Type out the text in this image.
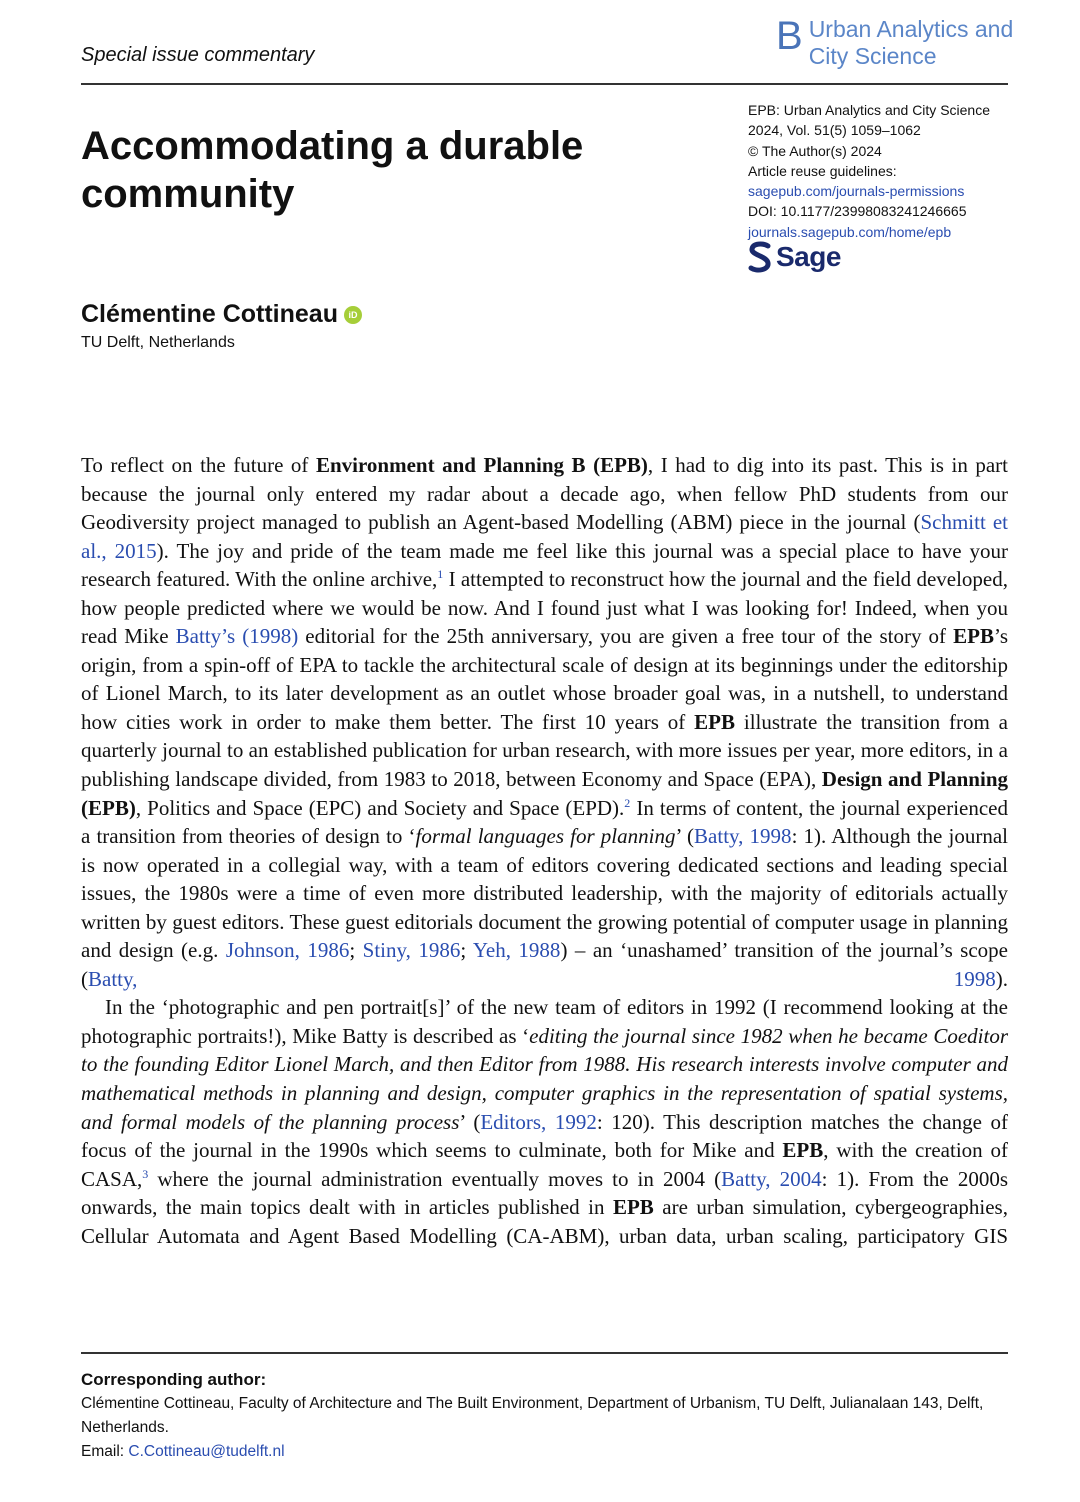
Special issue commentary	B Urban Analytics and
City Science
Accommodating a durable
community
EPB: Urban Analytics and City Science
2024, Vol. 51(5) 1059–1062
© The Author(s) 2024
Article reuse guidelines:
sagepub.com/journals-permissions
DOI: 10.1177/23998083241246665
journals.sagepub.com/home/epb
Sage
Clémentine Cottineau	iD
TU Delft, Netherlands

To reflect on the future of Environment and Planning B (EPB), I had to dig into its past. This is in part because the journal only entered my radar about a decade ago, when fellow PhD students from our Geodiversity project managed to publish an Agent-based Modelling (ABM) piece in the journal (Schmitt et al., 2015). The joy and pride of the team made me feel like this journal was a special place to have your research featured. With the online archive,$^1$ I attempted to reconstruct how the journal and the field developed, how people predicted where we would be now. And I found just what I was looking for! Indeed, when you read Mike Batty’s (1998) editorial for the 25th anniversary, you are given a free tour of the story of EPB’s origin, from a spin-off of EPA to tackle the architectural scale of design at its beginnings under the editorship of Lionel March, to its later development as an outlet whose broader goal was, in a nutshell, to understand how cities work in order to make them better. The first 10 years of EPB illustrate the transition from a quarterly journal to an established publication for urban research, with more issues per year, more editors, in a publishing landscape divided, from 1983 to 2018, between Economy and Space (EPA), Design and Planning (EPB), Politics and Space (EPC) and Society and Space (EPD).$^2$ In terms of content, the journal experienced a transition from theories of design to ‘formal languages for planning’ (Batty, 1998: 1). Although the journal is now operated in a collegial way, with a team of editors covering dedicated sections and leading special issues, the 1980s were a time of even more distributed leadership, with the majority of editorials actually written by guest editors. These guest editorials document the growing potential of computer usage in planning and design (e.g. Johnson, 1986; Stiny, 1986; Yeh, 1988) – an ‘unashamed’ transition of the journal’s scope (Batty, 1998).

In the ‘photographic and pen portrait[s]’ of the new team of editors in 1992 (I recommend looking at the photographic portraits!), Mike Batty is described as ‘editing the journal since 1982 when he became Coeditor to the founding Editor Lionel March, and then Editor from 1988. His research interests involve computer and mathematical methods in planning and design, computer graphics in the representation of spatial systems, and formal models of the planning process’ (Editors, 1992: 120). This description matches the change of focus of the journal in the 1990s which seems to culminate, both for Mike and EPB, with the creation of CASA,$^3$ where the journal administration eventually moves to in 2004 (Batty, 2004: 1). From the 2000s onwards, the main topics dealt with in articles published in EPB are urban simulation, cybergeographies, Cellular Automata and Agent Based Modelling (CA-ABM), urban data, urban scaling, participatory GIS

Corresponding author:
Clémentine Cottineau, Faculty of Architecture and The Built Environment, Department of Urbanism, TU Delft, Julianalaan 143, Delft, Netherlands.
Email: C.Cottineau@tudelft.nl
